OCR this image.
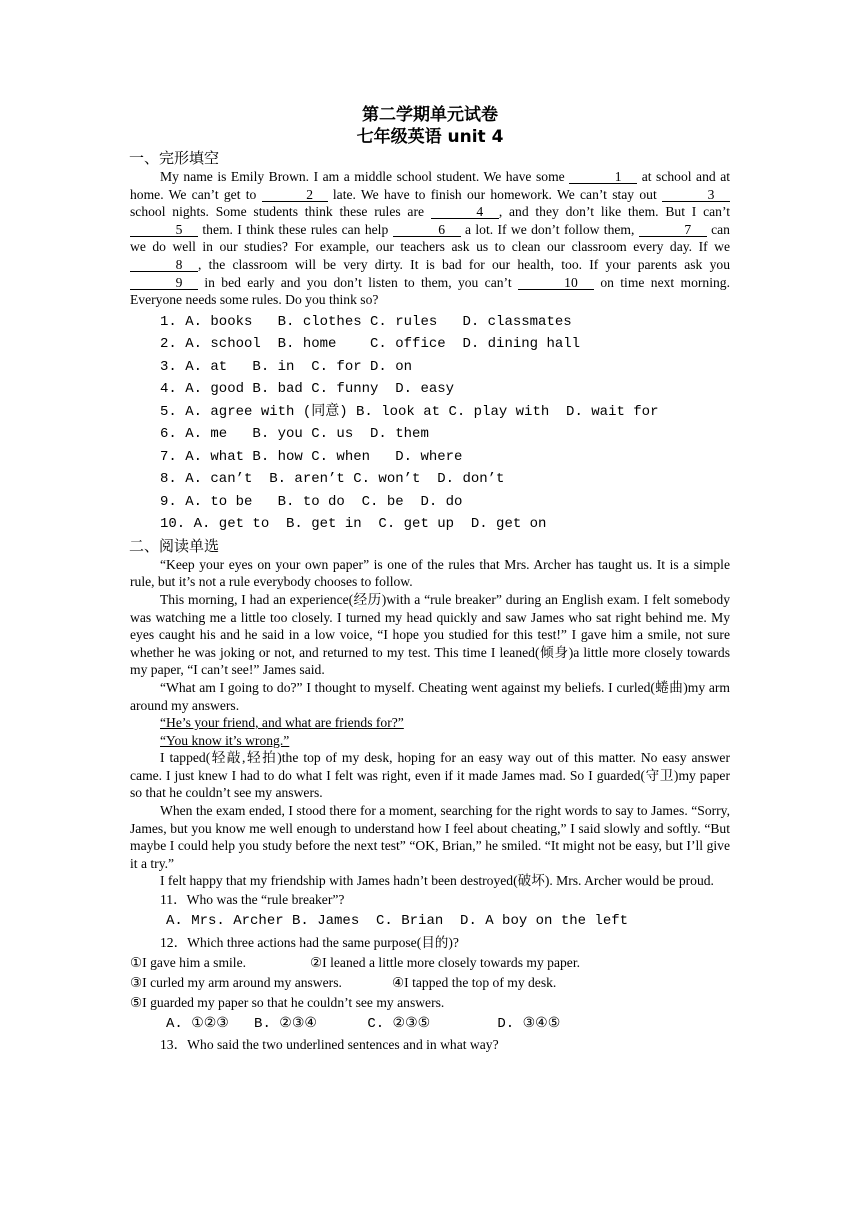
第二学期单元试卷
七年级英语 unit 4
一、完形填空

My name is Emily Brown. I am a middle school student. We have some	1 at school and at home. We can’t get to	2 late. We have to finish our homework. We can’t stay out	3 school nights. Some students think these rules are	4 , and they don’t like them. But I can’t 5 them. I think these rules can help	6 a lot. If we don’t follow them,	7 can we do well in our studies? For example, our teachers ask us to clean our classroom every day. If we 8 , the classroom will be very dirty. It is bad for our health, too. If your parents ask you 9 in bed early and you don’t listen to them, you can’t	10 on time next morning. Everyone needs some rules. Do you think so?

1. A. books   B. clothes C. rules   D. classmates
2. A. school  B. home    C. office  D. dining hall
3. A. at   B. in  C. for D. on
4. A. good B. bad C. funny  D. easy
5. A. agree with (同意) B. look at C. play with  D. wait for
6. A. me   B. you C. us  D. them
7. A. what B. how C. when   D. where
8. A. can’t  B. aren’t C. won’t  D. don’t
9. A. to be   B. to do  C. be  D. do
10. A. get to  B. get in  C. get up  D. get on
二、阅读单选

“Keep your eyes on your own paper” is one of the rules that Mrs. Archer has taught us. It is a simple rule, but it’s not a rule everybody chooses to follow.

This morning, I had an experience(经历)with a “rule breaker” during an English exam. I felt somebody was watching me a little too closely. I turned my head quickly and saw James who sat right behind me. My eyes caught his and he said in a low voice, “I hope you studied for this test!” I gave him a smile, not sure whether he was joking or not, and returned to my test. This time I leaned(倾身)a little more closely towards my paper, “I can’t see!” James said.

“What am I going to do?” I thought to myself. Cheating went against my beliefs. I curled(蜷曲)my arm around my answers.

“He’s your friend, and what are friends for?”

“You know it’s wrong.”

I tapped(轻敲,轻拍)the top of my desk, hoping for an easy way out of this matter. No easy answer came. I just knew I had to do what I felt was right, even if it made James mad. So I guarded(守卫)my paper so that he couldn’t see my answers.

When the exam ended, I stood there for a moment, searching for the right words to say to James. “Sorry, James, but you know me well enough to understand how I feel about cheating,” I said slowly and softly. “But maybe I could help you study before the next test” “OK, Brian,” he smiled. “It might not be easy, but I’ll give it a try.”

I felt happy that my friendship with James hadn’t been destroyed(破坏). Mrs. Archer would be proud.

11．Who was the “rule breaker”?
A. Mrs. Archer B. James  C. Brian  D. A boy on the left
12．Which three actions had the same purpose(目的)?
①I gave him a smile.	②I leaned a little more closely towards my paper.
③I curled my arm around my answers.	④I tapped the top of my desk.
⑤I guarded my paper so that he couldn’t see my answers.
A. ①②③   B. ②③④      C. ②③⑤        D. ③④⑤
13．Who said the two underlined sentences and in what way?
